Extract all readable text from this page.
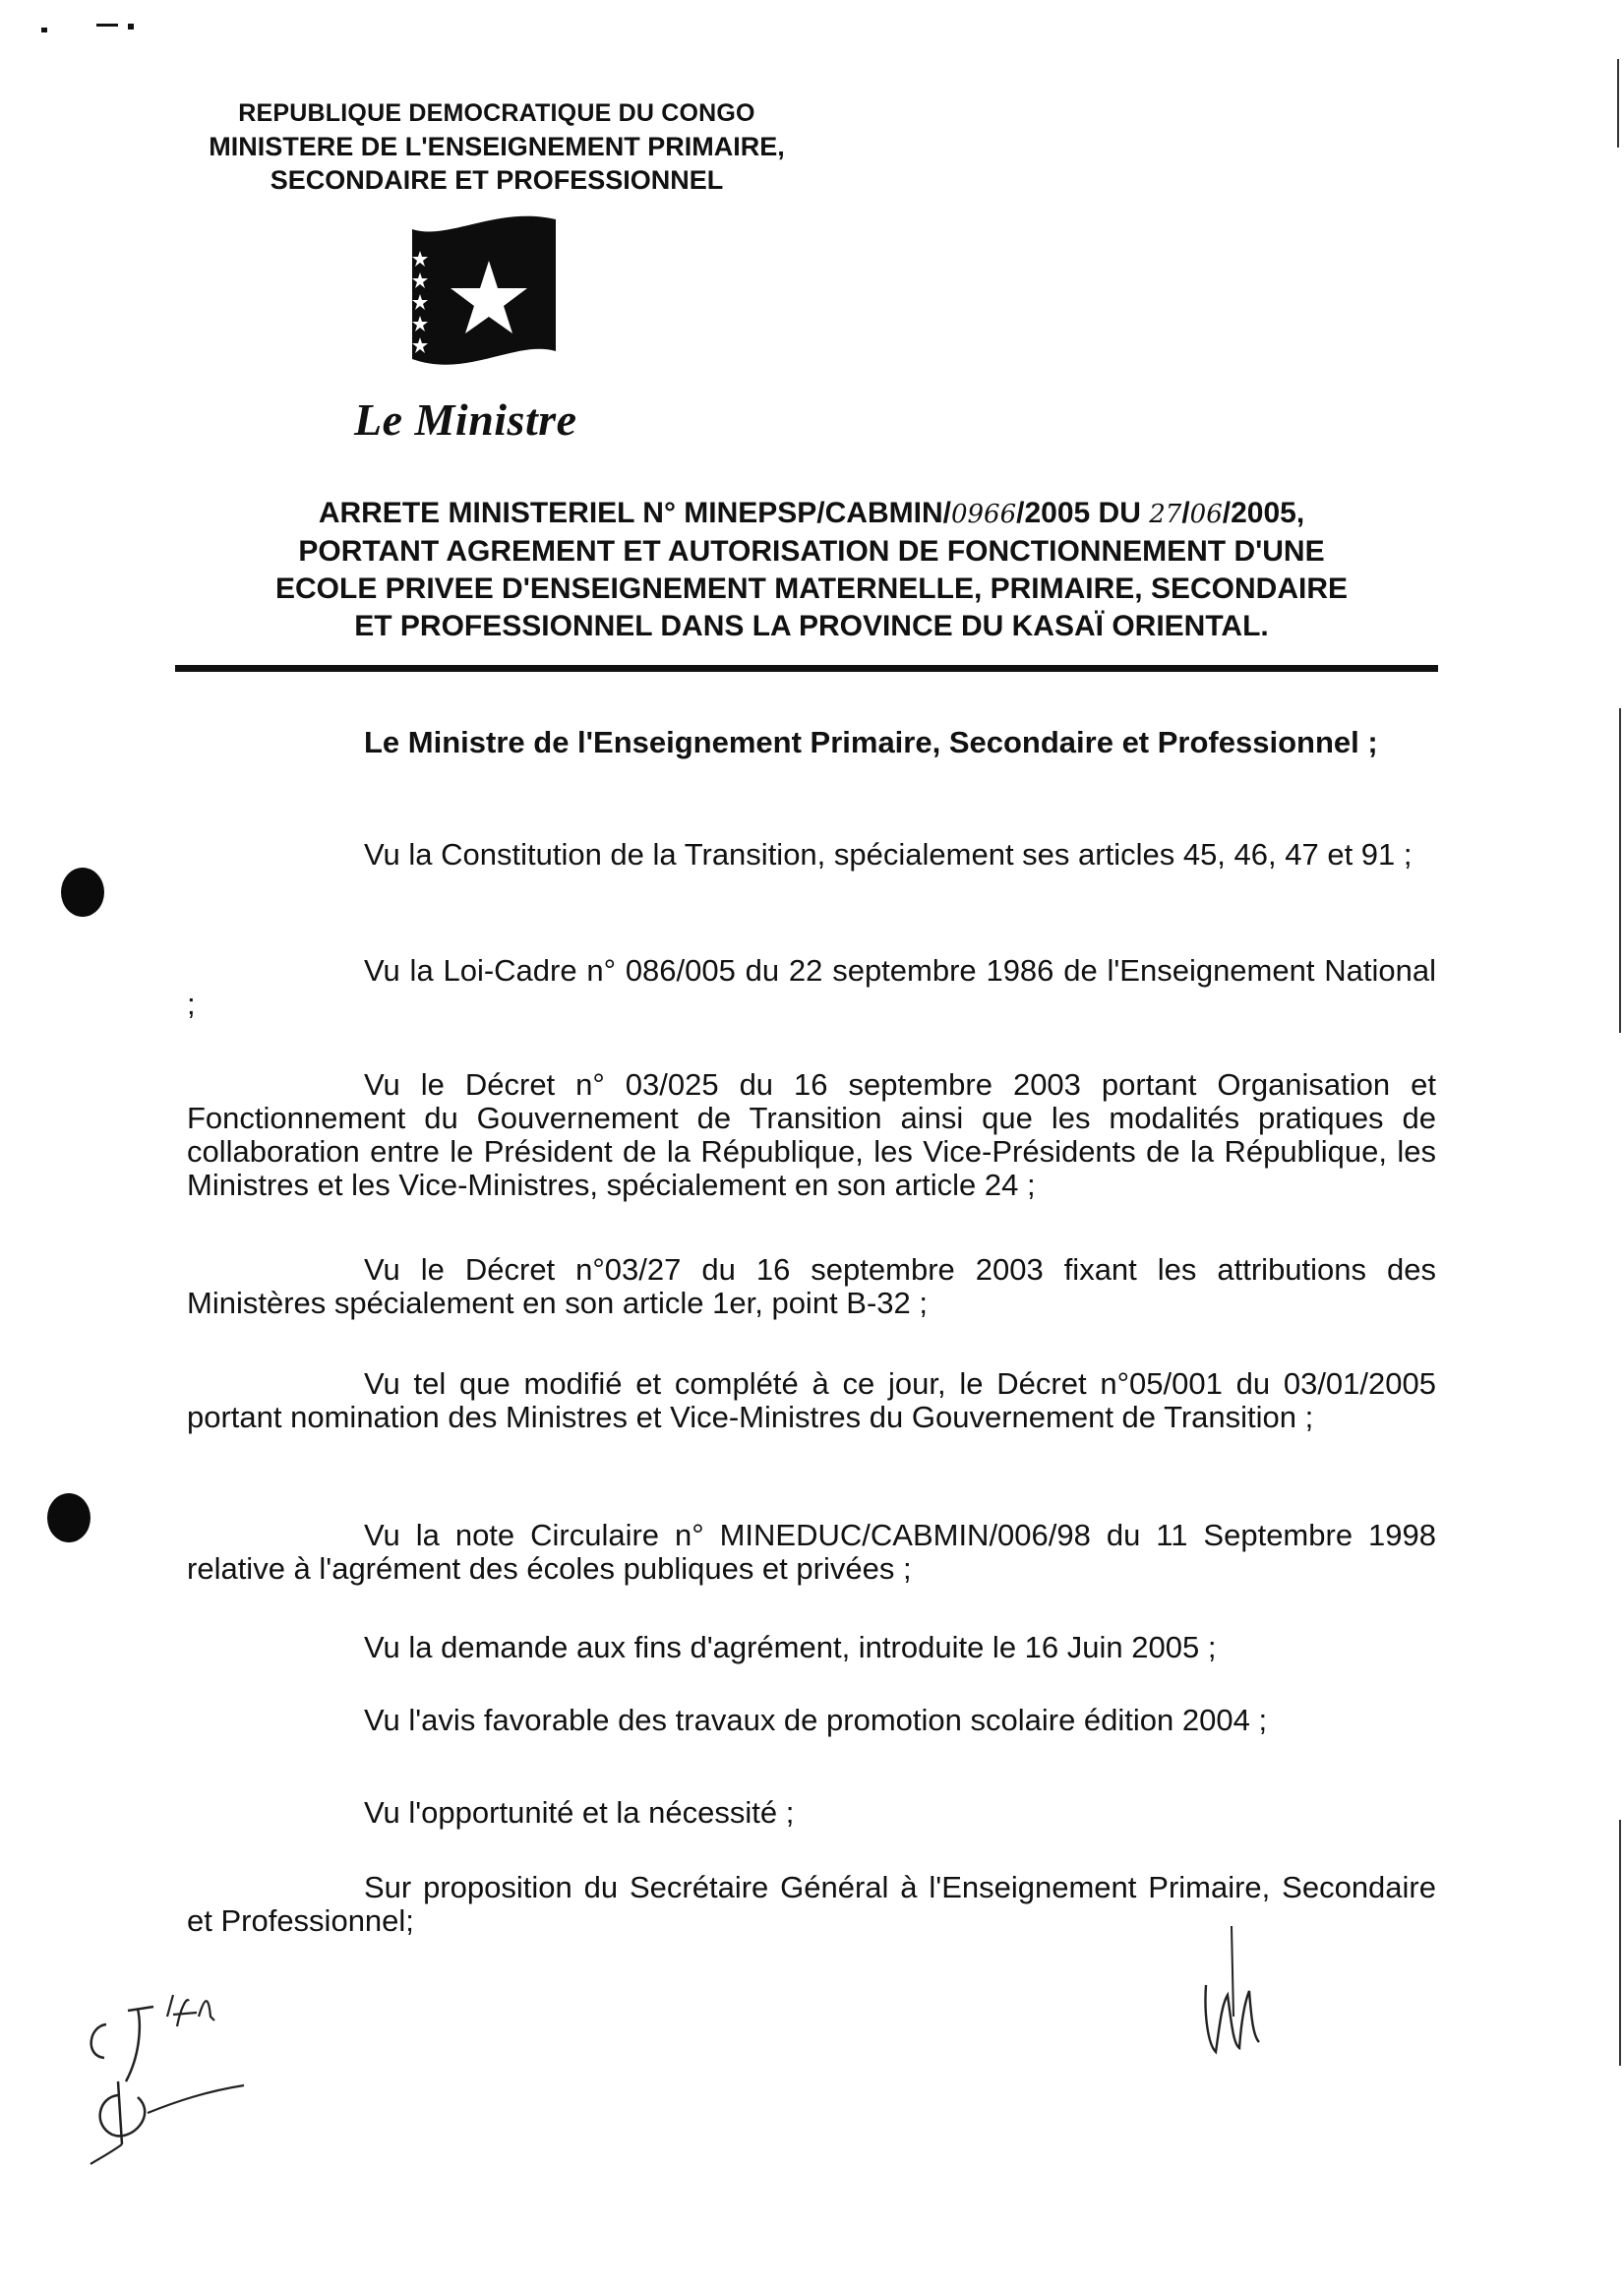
REPUBLIQUE DEMOCRATIQUE DU CONGO
MINISTERE DE L'ENSEIGNEMENT PRIMAIRE,
SECONDAIRE ET PROFESSIONNEL
Le Ministre
ARRETE MINISTERIEL N° MINEPSP/CABMIN/0966/2005 DU 27/06/2005,
PORTANT AGREMENT ET AUTORISATION DE FONCTIONNEMENT D'UNE
ECOLE PRIVEE D'ENSEIGNEMENT MATERNELLE, PRIMAIRE, SECONDAIRE
ET PROFESSIONNEL DANS LA PROVINCE DU KASAÏ ORIENTAL.
Le Ministre de l'Enseignement Primaire, Secondaire et Professionnel ;
Vu la Constitution de la Transition, spécialement ses articles 45, 46, 47 et 91 ;
Vu la Loi-Cadre n° 086/005 du 22 septembre 1986 de l'Enseignement National ;
Vu le Décret n° 03/025 du 16 septembre 2003 portant Organisation et Fonctionnement du Gouvernement de Transition ainsi que les modalités pratiques de collaboration entre le Président de la République, les Vice-Présidents de la République, les Ministres et les Vice-Ministres, spécialement en son article 24 ;
Vu le Décret n°03/27 du 16 septembre 2003 fixant les attributions des Ministères spécialement en son article 1er, point B-32 ;
Vu tel que modifié et complété à ce jour, le Décret n°05/001 du 03/01/2005 portant nomination des Ministres et Vice-Ministres du Gouvernement de Transition ;
Vu la note Circulaire n° MINEDUC/CABMIN/006/98 du 11 Septembre 1998 relative à l'agrément des écoles publiques et privées ;
Vu la demande aux fins d'agrément, introduite le 16 Juin 2005 ;
Vu l'avis favorable des travaux de promotion scolaire édition 2004 ;
Vu l'opportunité et la nécessité ;
Sur proposition du Secrétaire Général à l'Enseignement Primaire, Secondaire et Professionnel;
